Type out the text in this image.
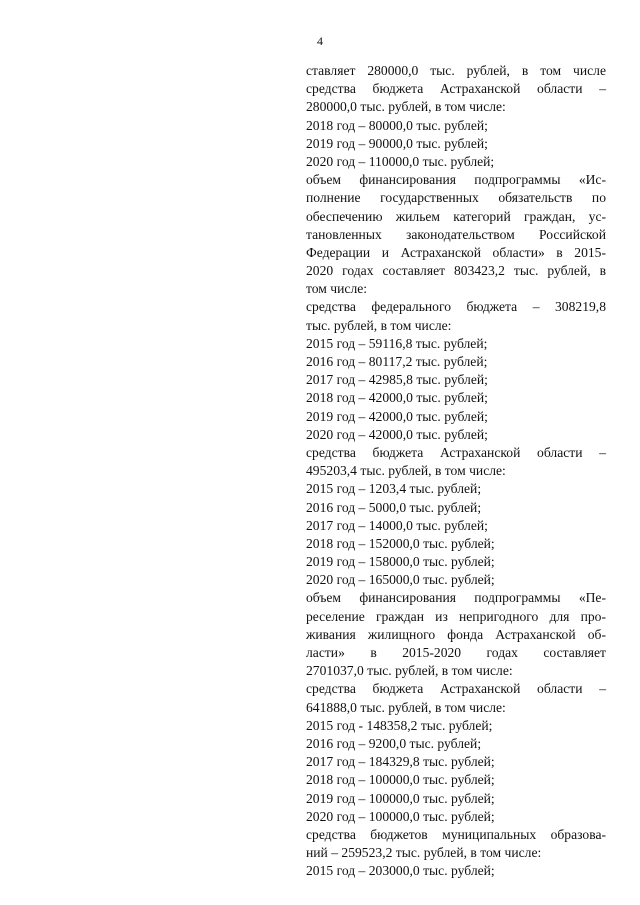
4
ставляет 280000,0 тыс. рублей, в том числе
средства бюджета Астраханской области –
280000,0 тыс. рублей, в том числе:
2018 год – 80000,0 тыс. рублей;
2019 год – 90000,0 тыс. рублей;
2020 год – 110000,0 тыс. рублей;
объем финансирования подпрограммы «Ис-
полнение государственных обязательств по
обеспечению жильем категорий граждан, ус-
тановленных законодательством Российской
Федерации и Астраханской области» в 2015-
2020 годах составляет 803423,2 тыс. рублей, в
том числе:
средства федерального бюджета – 308219,8
тыс. рублей, в том числе:
2015 год – 59116,8 тыс. рублей;
2016 год – 80117,2 тыс. рублей;
2017 год – 42985,8 тыс. рублей;
2018 год – 42000,0 тыс. рублей;
2019 год – 42000,0 тыс. рублей;
2020 год – 42000,0 тыс. рублей;
средства бюджета Астраханской области –
495203,4 тыс. рублей, в том числе:
2015 год – 1203,4 тыс. рублей;
2016 год – 5000,0 тыс. рублей;
2017 год – 14000,0 тыс. рублей;
2018 год – 152000,0 тыс. рублей;
2019 год – 158000,0 тыс. рублей;
2020 год – 165000,0 тыс. рублей;
объем финансирования подпрограммы «Пе-
реселение граждан из непригодного для про-
живания жилищного фонда Астраханской об-
ласти» в 2015-2020 годах составляет
2701037,0 тыс. рублей, в том числе:
средства бюджета Астраханской области –
641888,0 тыс. рублей, в том числе:
2015 год - 148358,2 тыс. рублей;
2016 год – 9200,0 тыс. рублей;
2017 год – 184329,8 тыс. рублей;
2018 год – 100000,0 тыс. рублей;
2019 год – 100000,0 тыс. рублей;
2020 год – 100000,0 тыс. рублей;
средства бюджетов муниципальных образова-
ний – 259523,2 тыс. рублей, в том числе:
2015 год – 203000,0 тыс. рублей;
